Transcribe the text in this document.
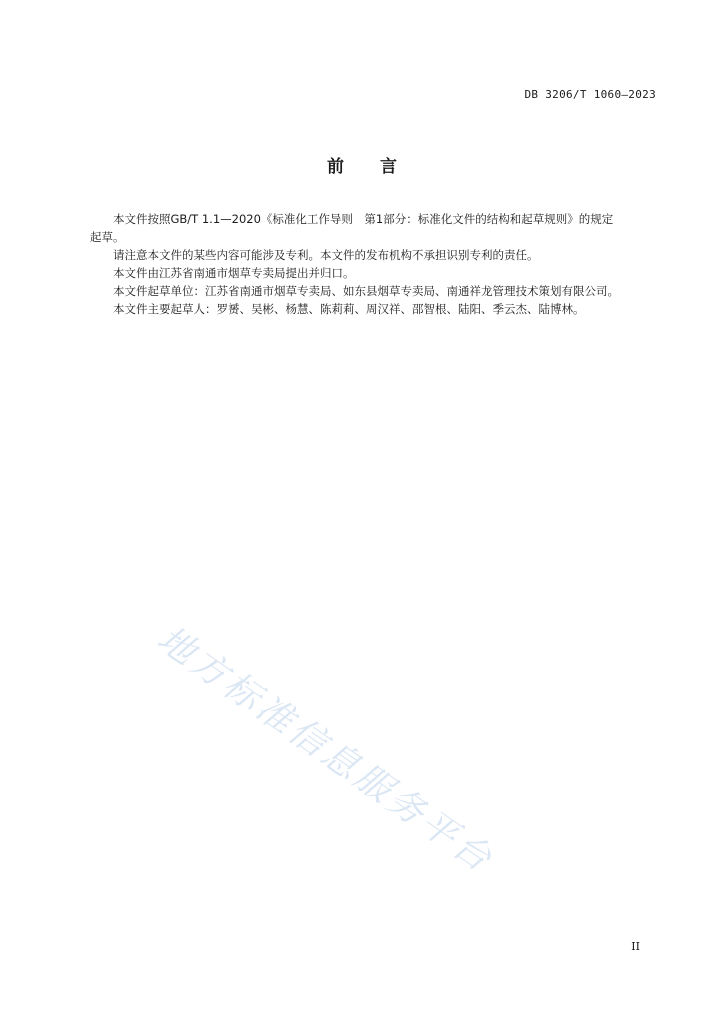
DB 3206/T 1060—2023
前言

本文件按照GB/T 1.1—2020《标准化工作导则　第1部分：标准化文件的结构和起草规则》的规定

起草。

请注意本文件的某些内容可能涉及专利。本文件的发布机构不承担识别专利的责任。

本文件由江苏省南通市烟草专卖局提出并归口。

本文件起草单位：江苏省南通市烟草专卖局、如东县烟草专卖局、南通祥龙管理技术策划有限公司。

本文件主要起草人：罗赟、吴彬、杨慧、陈莉莉、周汉祥、邵智根、陆阳、季云杰、陆博林。

地方标准信息服务平台
II
